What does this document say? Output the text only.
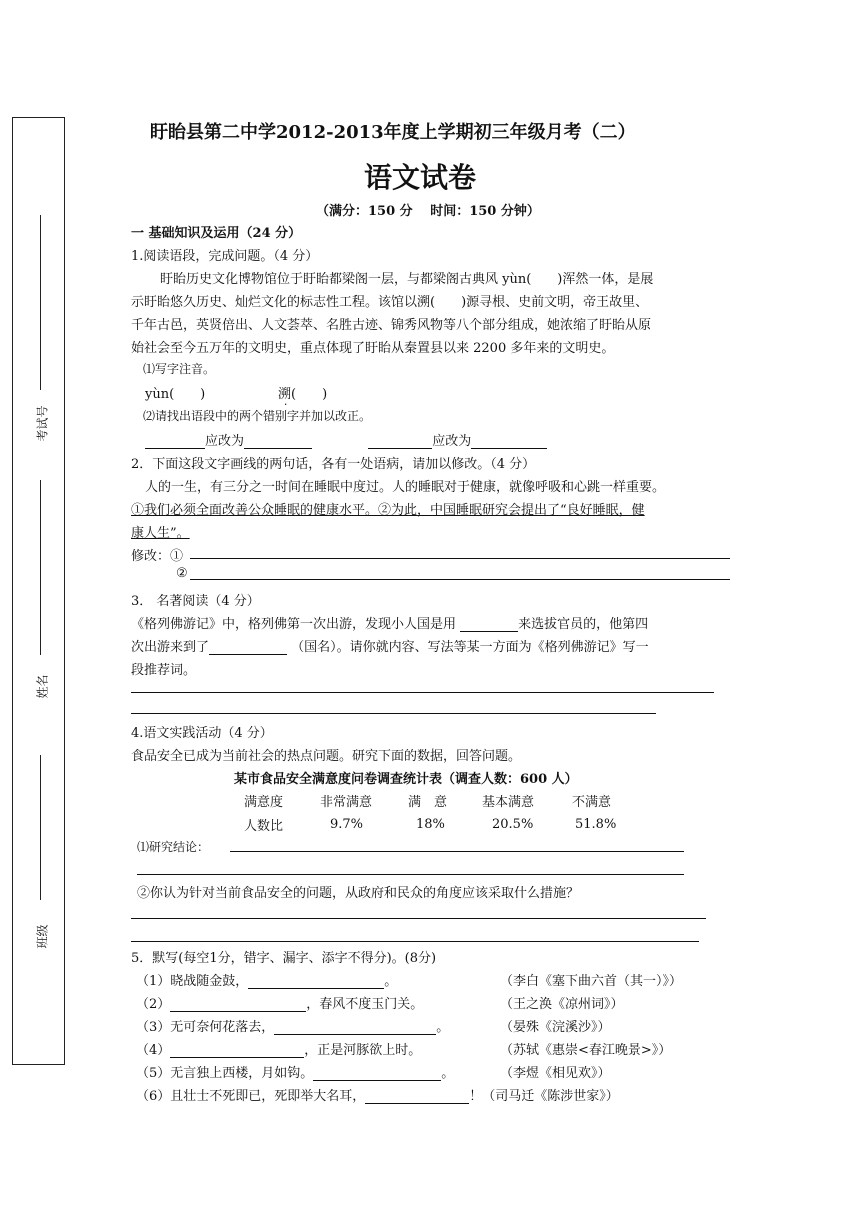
考试号
姓名
班级
盱眙县第二中学2012-2013年度上学期初三年级月考（二）
语文试卷
（满分：150 分　 时间：150 分钟）
一 基础知识及运用（24 分）
1.阅读语段，完成问题。（4 分）
盱眙历史文化博物馆位于盱眙都梁阁一层，与都梁阁古典风 yùn(　　)浑然一体，是展
示盱眙悠久历史、灿烂文化的标志性工程。该馆以溯(　　)源寻根、史前文明，帝王故里、
千年古邑，英贤倍出、人文荟萃、名胜古迹、锦秀风物等八个部分组成，她浓缩了盱眙从原
始社会至今五万年的文明史，重点体现了盱眙从秦置县以来 2200 多年来的文明史。
⑴写字注音。
yùn(　　)	溯(　　)
⑵请找出语段中的两个错别字并加以改正。
应改为	应改为
2．下面这段文字画线的两句话，各有一处语病，请加以修改。（4 分）
人的一生，有三分之一时间在睡眠中度过。人的睡眠对于健康，就像呼吸和心跳一样重要。
①我们必须全面改善公众睡眠的健康水平。②为此，中国睡眠研究会提出了“良好睡眠，健
康人生”。
修改：①
②
3． 名著阅读（4 分）
《格列佛游记》中，格列佛第一次出游，发现小人国是用	来选拔官员的，他第四
次出游来到了	（国名）。请你就内容、写法等某一方面为《格列佛游记》写一
段推荐词。
4.语文实践活动（4 分）
食品安全已成为当前社会的热点问题。研究下面的数据，回答问题。
某市食品安全满意度问卷调查统计表（调查人数：600 人）
满意度	非常满意	满　意	基本满意	不满意
人数比	9.7%	18%	20.5%	51.8%
⑴研究结论：
②你认为针对当前食品安全的问题，从政府和民众的角度应该采取什么措施？
5．默写(每空1分，错字、漏字、添字不得分)。(8分)
（1）晓战随金鼓，	。	（李白《塞下曲六首（其一）》）
（2）	，春风不度玉门关。	（王之涣《凉州词》）
（3）无可奈何花落去，	。	（晏殊《浣溪沙》）
（4）	，正是河豚欲上时。	（苏轼《惠崇<春江晚景>》）
（5）无言独上西楼，月如钩。	。	（李煜《相见欢》）
（6）且壮士不死即已，死即举大名耳，	！（司马迁《陈涉世家》）
